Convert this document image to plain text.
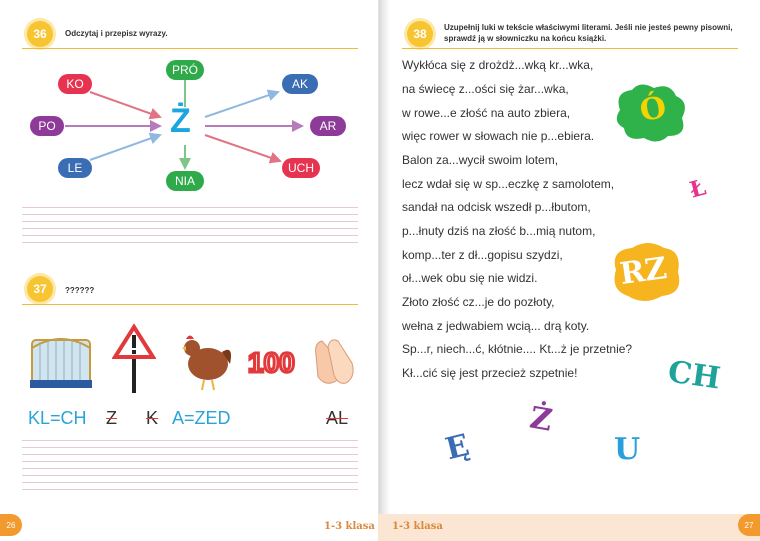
36	Odczytaj i przepisz wyrazy.
KO
PO
LE
PRÓ
NIA
AK
AR
UCH
Ż
37	??????
100
KL=CH Z K A=ZED	AL
38	Uzupełnij luki w tekście właściwymi literami. Jeśli nie jesteś pewny pisowni, sprawdź ją w słowniczku na końcu książki.
Wykłóca się z drożdż...wką kr...wka,
na świecę z...ości się żar...wka,
w rowe...e złość na auto zbiera,
więc rower w słowach nie p...ebiera.
Balon za...wycił swoim lotem,
lecz wdał się w sp...eczkę z samolotem,
sandał na odcisk wszedł p...łbutom,
p...łnuty dziś na złość b...mią nutom,
komp...ter z dł...gopisu szydzi,
oł...wek obu się nie widzi.
Złoto złość cz...je do pozłoty,
wełna z jedwabiem wcią... drą koty.
Sp...r, niech...ć, kłótnie.... Kt...ż je przetnie?
Kł...cić się jest przecież szpetnie!
Ó
Ł
RZ
CH
Ę
Ż
U
26	1-3 klasa 1-3 klasa	27
